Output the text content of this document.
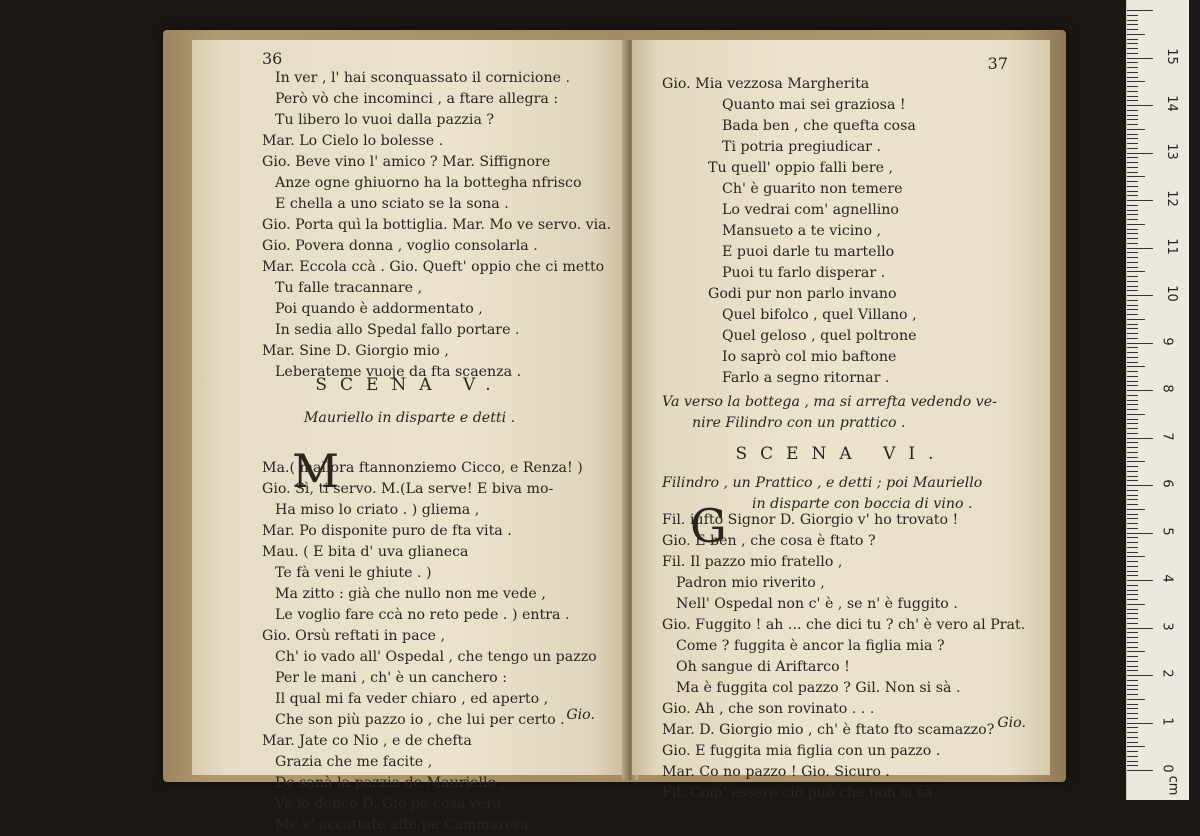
36
In ver , l' hai sconquassato il cornicione .
Però vò che incominci , a ftare allegra :
Tu libero lo vuoi dalla pazzia ?
Mar. Lo Cielo lo bolesse .
Gio. Beve vino l' amico ? Mar. Siffignore
Anze ogne ghiuorno ha la bottegha nfrisco
E chella a uno sciato se la sona .
Gio. Porta quì la bottiglia. Mar. Mo ve servo. via.
Gio. Povera donna , voglio consolarla .
Mar. Eccola ccà . Gio. Queft' oppio che ci metto
Tu falle tracannare ,
Poi quando è addormentato ,
In sedia allo Spedal fallo portare .
Mar. Sine D. Giorgio mio ,
Leberateme vuoje da fta scaenza .
SCENA V.
Mauriello in disparte e detti .
M
Ma.( mallora ftannonziemo Cicco, e Renza! )
Gio. Sì, ti servo. M.(La serve! E biva mo-
Ha miso lo criato . ) gliema ,
Mar. Po disponite puro de fta vita .
Mau. ( E bita d' uva glianeca
Te fà veni le ghiute . )
Ma zitto : già che nullo non me vede ,
Le voglio fare ccà no reto pede . ) entra .
Gio. Orsù reftati in pace ,
Ch' io vado all' Ospedal , che tengo un pazzo
Per le mani , ch' è un canchero :
Il qual mi fa veder chiaro , ed aperto ,
Che son più pazzo io , che lui per certo .
Mar. Jate co Nio , e de chefta
Grazia che me facite ,
De sanà la pazzia de Mauriello ,
Ve lo donco D. Giò pe cosa vera ,
Me v' accattate affè pe Cammarera .
Gio.
37
Gio. Mia vezzosa Margherita
Quanto mai sei graziosa !
Bada ben , che quefta cosa
Ti potria pregiudicar .
Tu quell' oppio falli bere ,
Ch' è guarito non temere
Lo vedrai com' agnellino
Mansueto a te vicino ,
E puoi darle tu martello
Puoi tu farlo disperar .
Godi pur non parlo invano
Quel bifolco , quel Villano ,
Quel geloso , quel poltrone
Io saprò col mio baftone
Farlo a segno ritornar .
Va verso la bottega , ma si arrefta vedendo ve-
nire Filindro con un prattico .
SCENA VI.
Filindro , un Prattico , e detti ; poi Mauriello
in disparte con boccia di vino .
G
Fil. iufto Signor D. Giorgio v' ho trovato !
Gio. E ben , che cosa è ftato ?
Fil. Il pazzo mio fratello ,
Padron mio riverito ,
Nell' Ospedal non c' è , se n' è fuggito .
Gio. Fuggito ! ah ... che dici tu ? ch' è vero al Prat.
Come ? fuggita è ancor la figlia mia ?
Oh sangue di Ariftarco !
Ma è fuggita col pazzo ? Gil. Non si sà .
Gio. Ah , che son rovinato . . .
Mar. D. Giorgio mio , ch' è ftato fto scamazzo?
Gio. E fuggita mia figlia con un pazzo .
Mar. Co no pazzo ! Gio. Sicuro .
Fil. Com' essere ciò può che non si sà .
Gio.
0
1
2
3
4
5
6
7
8
9
10
11
12
13
14
15
cm
